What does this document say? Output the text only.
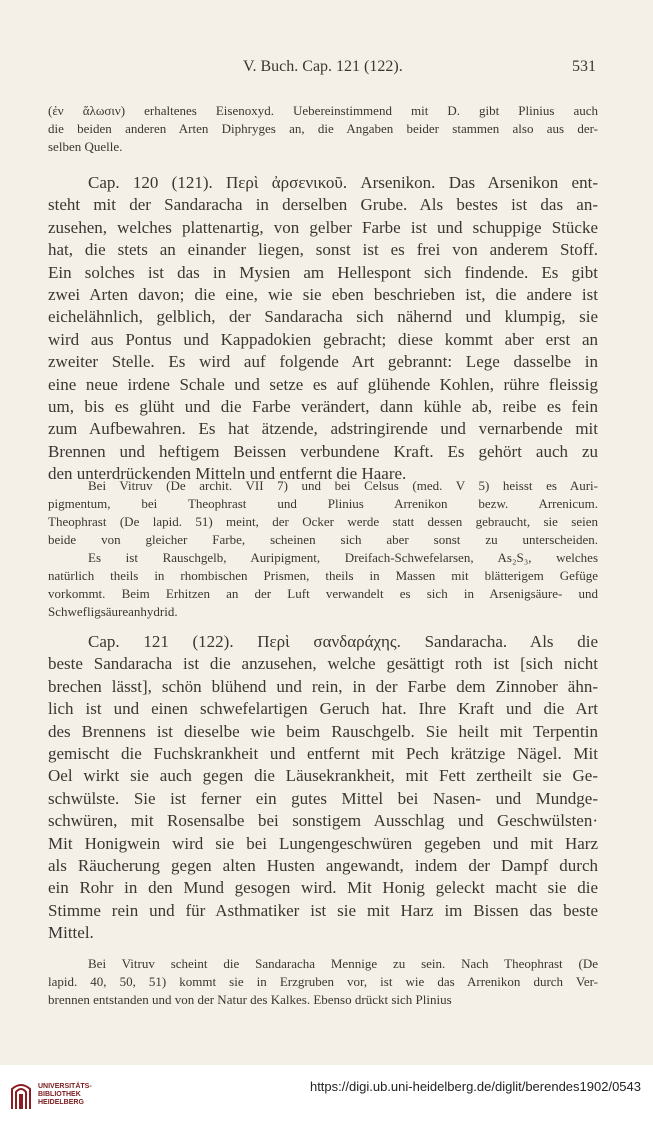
V. Buch. Cap. 121 (122).	531
(ἐν ἅλωσιν) erhaltenes Eisenoxyd. Uebereinstimmend mit D. gibt Plinius auch
die beiden anderen Arten Diphryges an, die Angaben beider stammen also aus der-
selben Quelle.
Cap. 120 (121). Περὶ ἀρσενικοῦ. Arsenikon. Das Arsenikon ent-
steht mit der Sandaracha in derselben Grube. Als bestes ist das an-
zusehen, welches plattenartig, von gelber Farbe ist und schuppige Stücke
hat, die stets an einander liegen, sonst ist es frei von anderem Stoff.
Ein solches ist das in Mysien am Hellespont sich findende. Es gibt
zwei Arten davon; die eine, wie sie eben beschrieben ist, die andere ist
eichelähnlich, gelblich, der Sandaracha sich nähernd und klumpig, sie
wird aus Pontus und Kappadokien gebracht; diese kommt aber erst an
zweiter Stelle. Es wird auf folgende Art gebrannt: Lege dasselbe in
eine neue irdene Schale und setze es auf glühende Kohlen, rühre fleissig
um, bis es glüht und die Farbe verändert, dann kühle ab, reibe es fein
zum Aufbewahren. Es hat ätzende, adstringirende und vernarbende mit
Brennen und heftigem Beissen verbundene Kraft. Es gehört auch zu
den unterdrückenden Mitteln und entfernt die Haare.
Bei Vitruv (De archit. VII 7) und bei Celsus (med. V 5) heisst es Auri-
pigmentum, bei Theophrast und Plinius Arrenikon bezw. Arrenicum.
Theophrast (De lapid. 51) meint, der Ocker werde statt dessen gebraucht, sie seien
beide von gleicher Farbe, scheinen sich aber sonst zu unterscheiden.
Es ist Rauschgelb, Auripigment, Dreifach-Schwefelarsen, As₂S₃, welches
natürlich theils in rhombischen Prismen, theils in Massen mit blätterigem Gefüge
vorkommt. Beim Erhitzen an der Luft verwandelt es sich in Arsenigsäure- und
Schwefligsäureanhydrid.
Cap. 121 (122). Περὶ σανδαράχης. Sandaracha. Als die
beste Sandaracha ist die anzusehen, welche gesättigt roth ist [sich nicht
brechen lässt], schön blühend und rein, in der Farbe dem Zinnober ähn-
lich ist und einen schwefelartigen Geruch hat. Ihre Kraft und die Art
des Brennens ist dieselbe wie beim Rauschgelb. Sie heilt mit Terpentin
gemischt die Fuchskrankheit und entfernt mit Pech krätzige Nägel. Mit
Oel wirkt sie auch gegen die Läusekrankheit, mit Fett zertheilt sie Ge-
schwülste. Sie ist ferner ein gutes Mittel bei Nasen- und Mundge-
schwüren, mit Rosensalbe bei sonstigem Ausschlag und Geschwülsten·
Mit Honigwein wird sie bei Lungengeschwüren gegeben und mit Harz
als Räucherung gegen alten Husten angewandt, indem der Dampf durch
ein Rohr in den Mund gesogen wird. Mit Honig geleckt macht sie die
Stimme rein und für Asthmatiker ist sie mit Harz im Bissen das beste
Mittel.
Bei Vitruv scheint die Sandaracha Mennige zu sein. Nach Theophrast (De
lapid. 40, 50, 51) kommt sie in Erzgruben vor, ist wie das Arrenikon durch Ver-
brennen entstanden und von der Natur des Kalkes. Ebenso drückt sich Plinius
UNIVERSITÄTS-
BIBLIOTHEK
HEIDELBERG
https://digi.ub.uni-heidelberg.de/diglit/berendes1902/0543
